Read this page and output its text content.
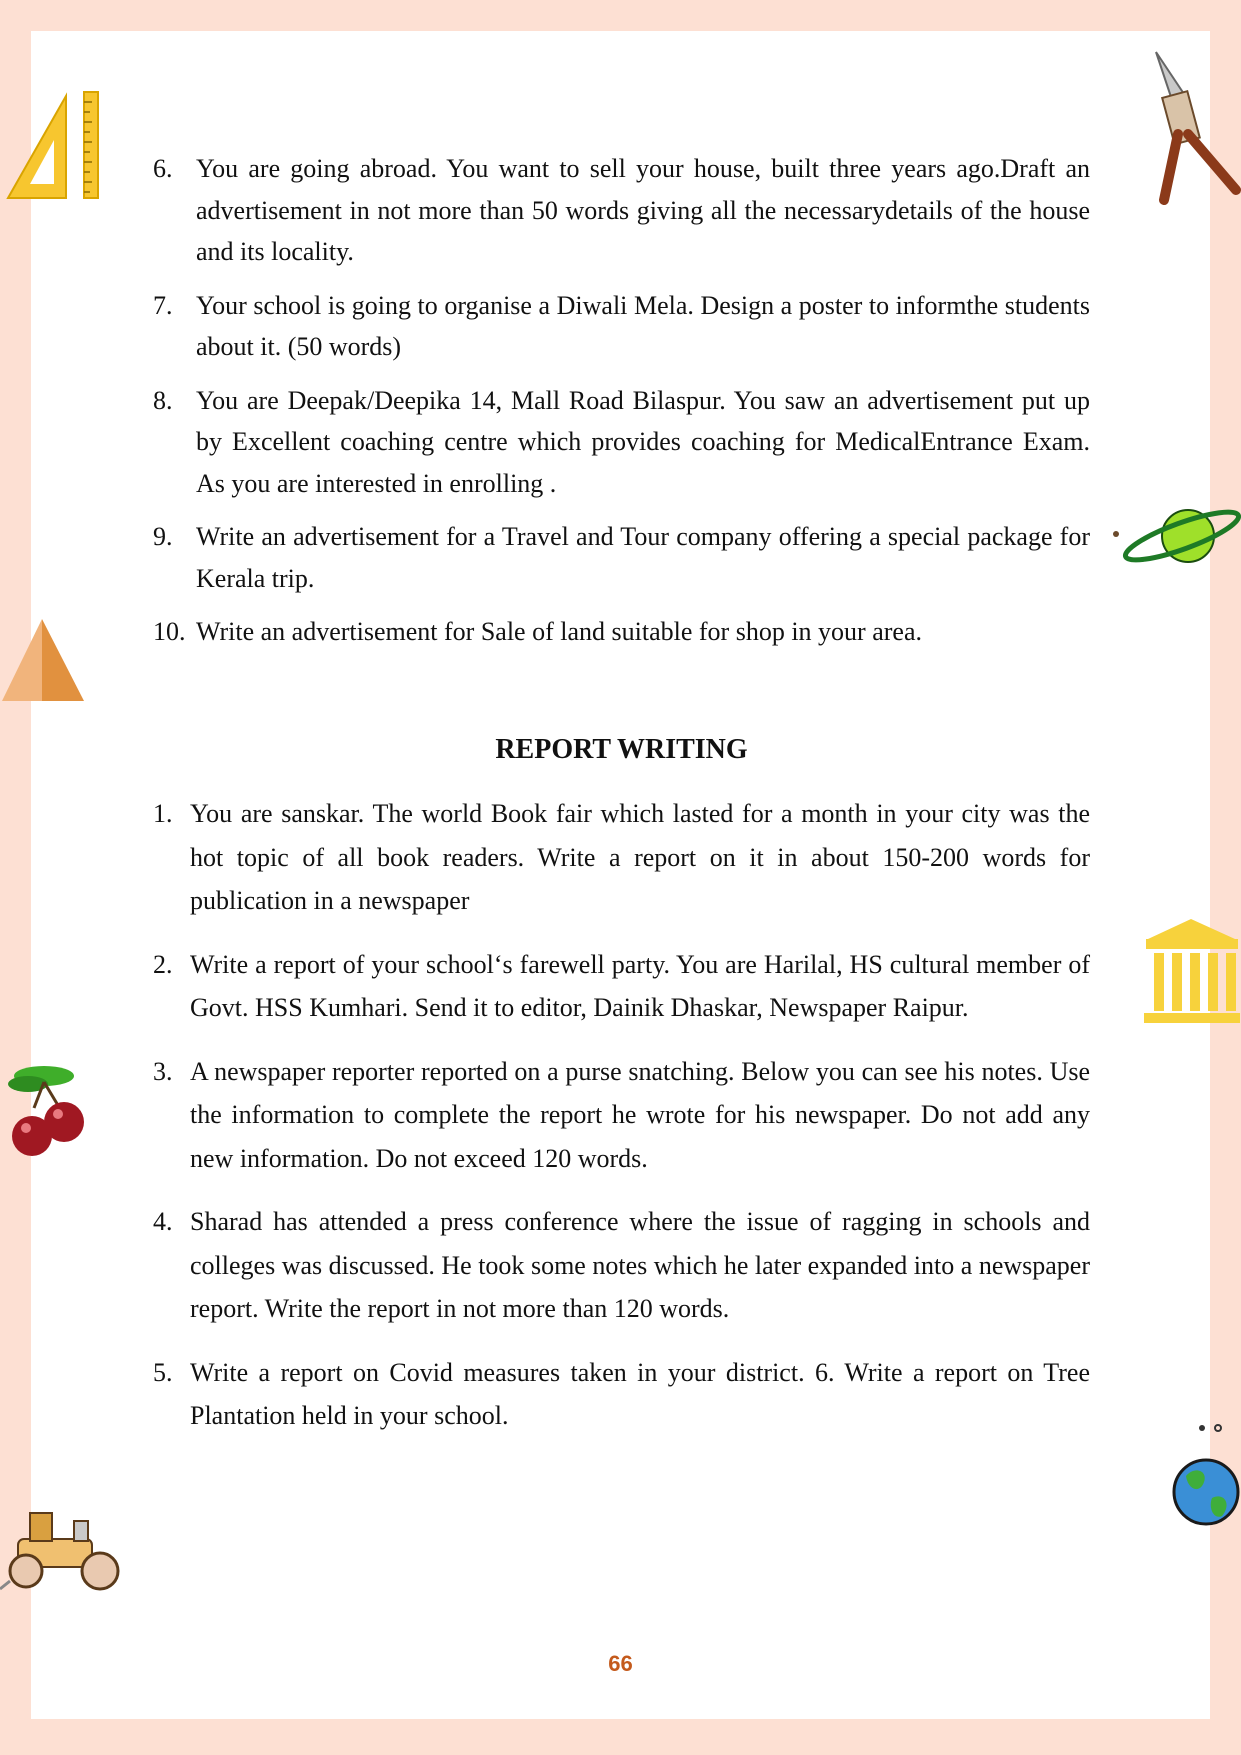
6. You are going abroad. You want to sell your house, built three years ago.Draft an advertisement in not more than 50 words giving all the necessarydetails of the house and its locality.
7. Your school is going to organise a Diwali Mela. Design a poster to informthe students about it. (50 words)
8. You are Deepak/Deepika 14, Mall Road Bilaspur. You saw an advertisement put up by Excellent coaching centre which provides coaching for MedicalEntrance Exam. As you are interested in enrolling .
9. Write an advertisement for a Travel and Tour company offering a special package for Kerala trip.
10. Write an advertisement for Sale of land suitable for shop in your area.
REPORT WRITING
1. You are sanskar. The world Book fair which lasted for a month in your city was the hot topic of all book readers. Write a report on it in about 150-200 words for publication in a newspaper
2. Write a report of your school‘s farewell party. You are Harilal, HS cultural member of Govt. HSS Kumhari. Send it to editor, Dainik Dhaskar, Newspaper Raipur.
3. A newspaper reporter reported on a purse snatching. Below you can see his notes. Use the information to complete the report he wrote for his newspaper. Do not add any new information. Do not exceed 120 words.
4. Sharad has attended a press conference where the issue of ragging in schools and colleges was discussed. He took some notes which he later expanded into a newspaper report. Write the report in not more than 120 words.
5. Write a report on Covid measures taken in your district. 6. Write a report on Tree Plantation held in your school.
66
